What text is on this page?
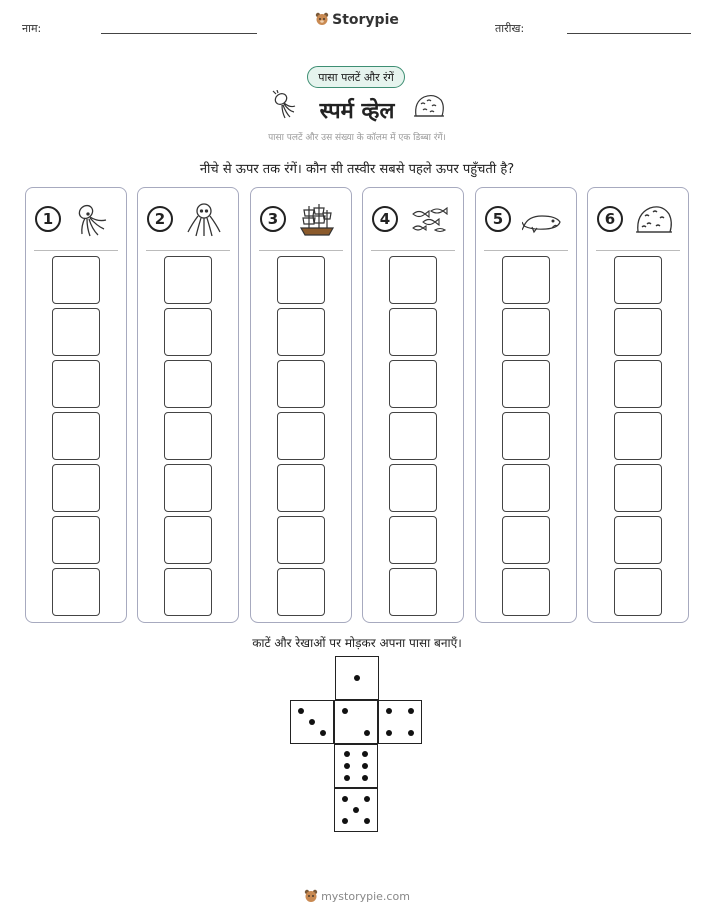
नाम:
Storypie
तारीख:
पासा पलटें और रंगें
स्पर्म व्हेल
पासा पलटें और उस संख्या के कॉलम में एक डिब्बा रंगें।
नीचे से ऊपर तक रंगें। कौन सी तस्वीर सबसे पहले ऊपर पहुँचती है?
1	2	3	4	5	6
काटें और रेखाओं पर मोड़कर अपना पासा बनाएँ।
mystorypie.com
